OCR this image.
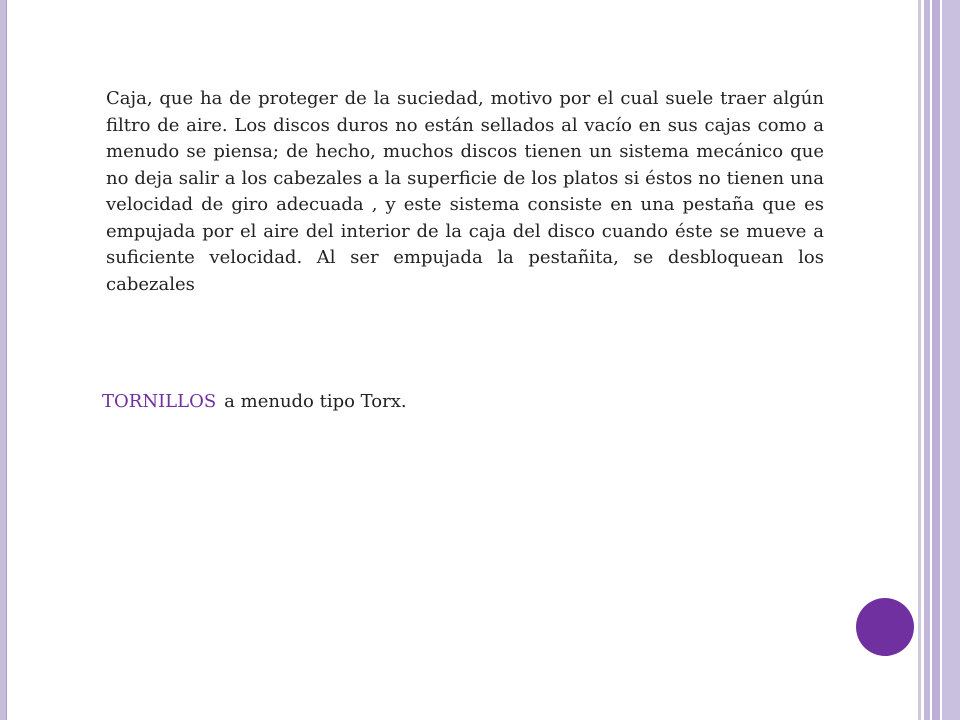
Caja, que ha de proteger de la suciedad, motivo por el cual suele traer algún filtro de aire. Los discos duros no están sellados al vacío en sus cajas como a menudo se piensa; de hecho, muchos discos tienen un sistema mecánico que no deja salir a los cabezales a la superficie de los platos si éstos no tienen una velocidad de giro adecuada , y este sistema consiste en una pestaña que es empujada por el aire del interior de la caja del disco cuando éste se mueve a suficiente velocidad. Al ser empujada la pestañita, se desbloquean los cabezales

TORNILLOS a menudo tipo Torx.
